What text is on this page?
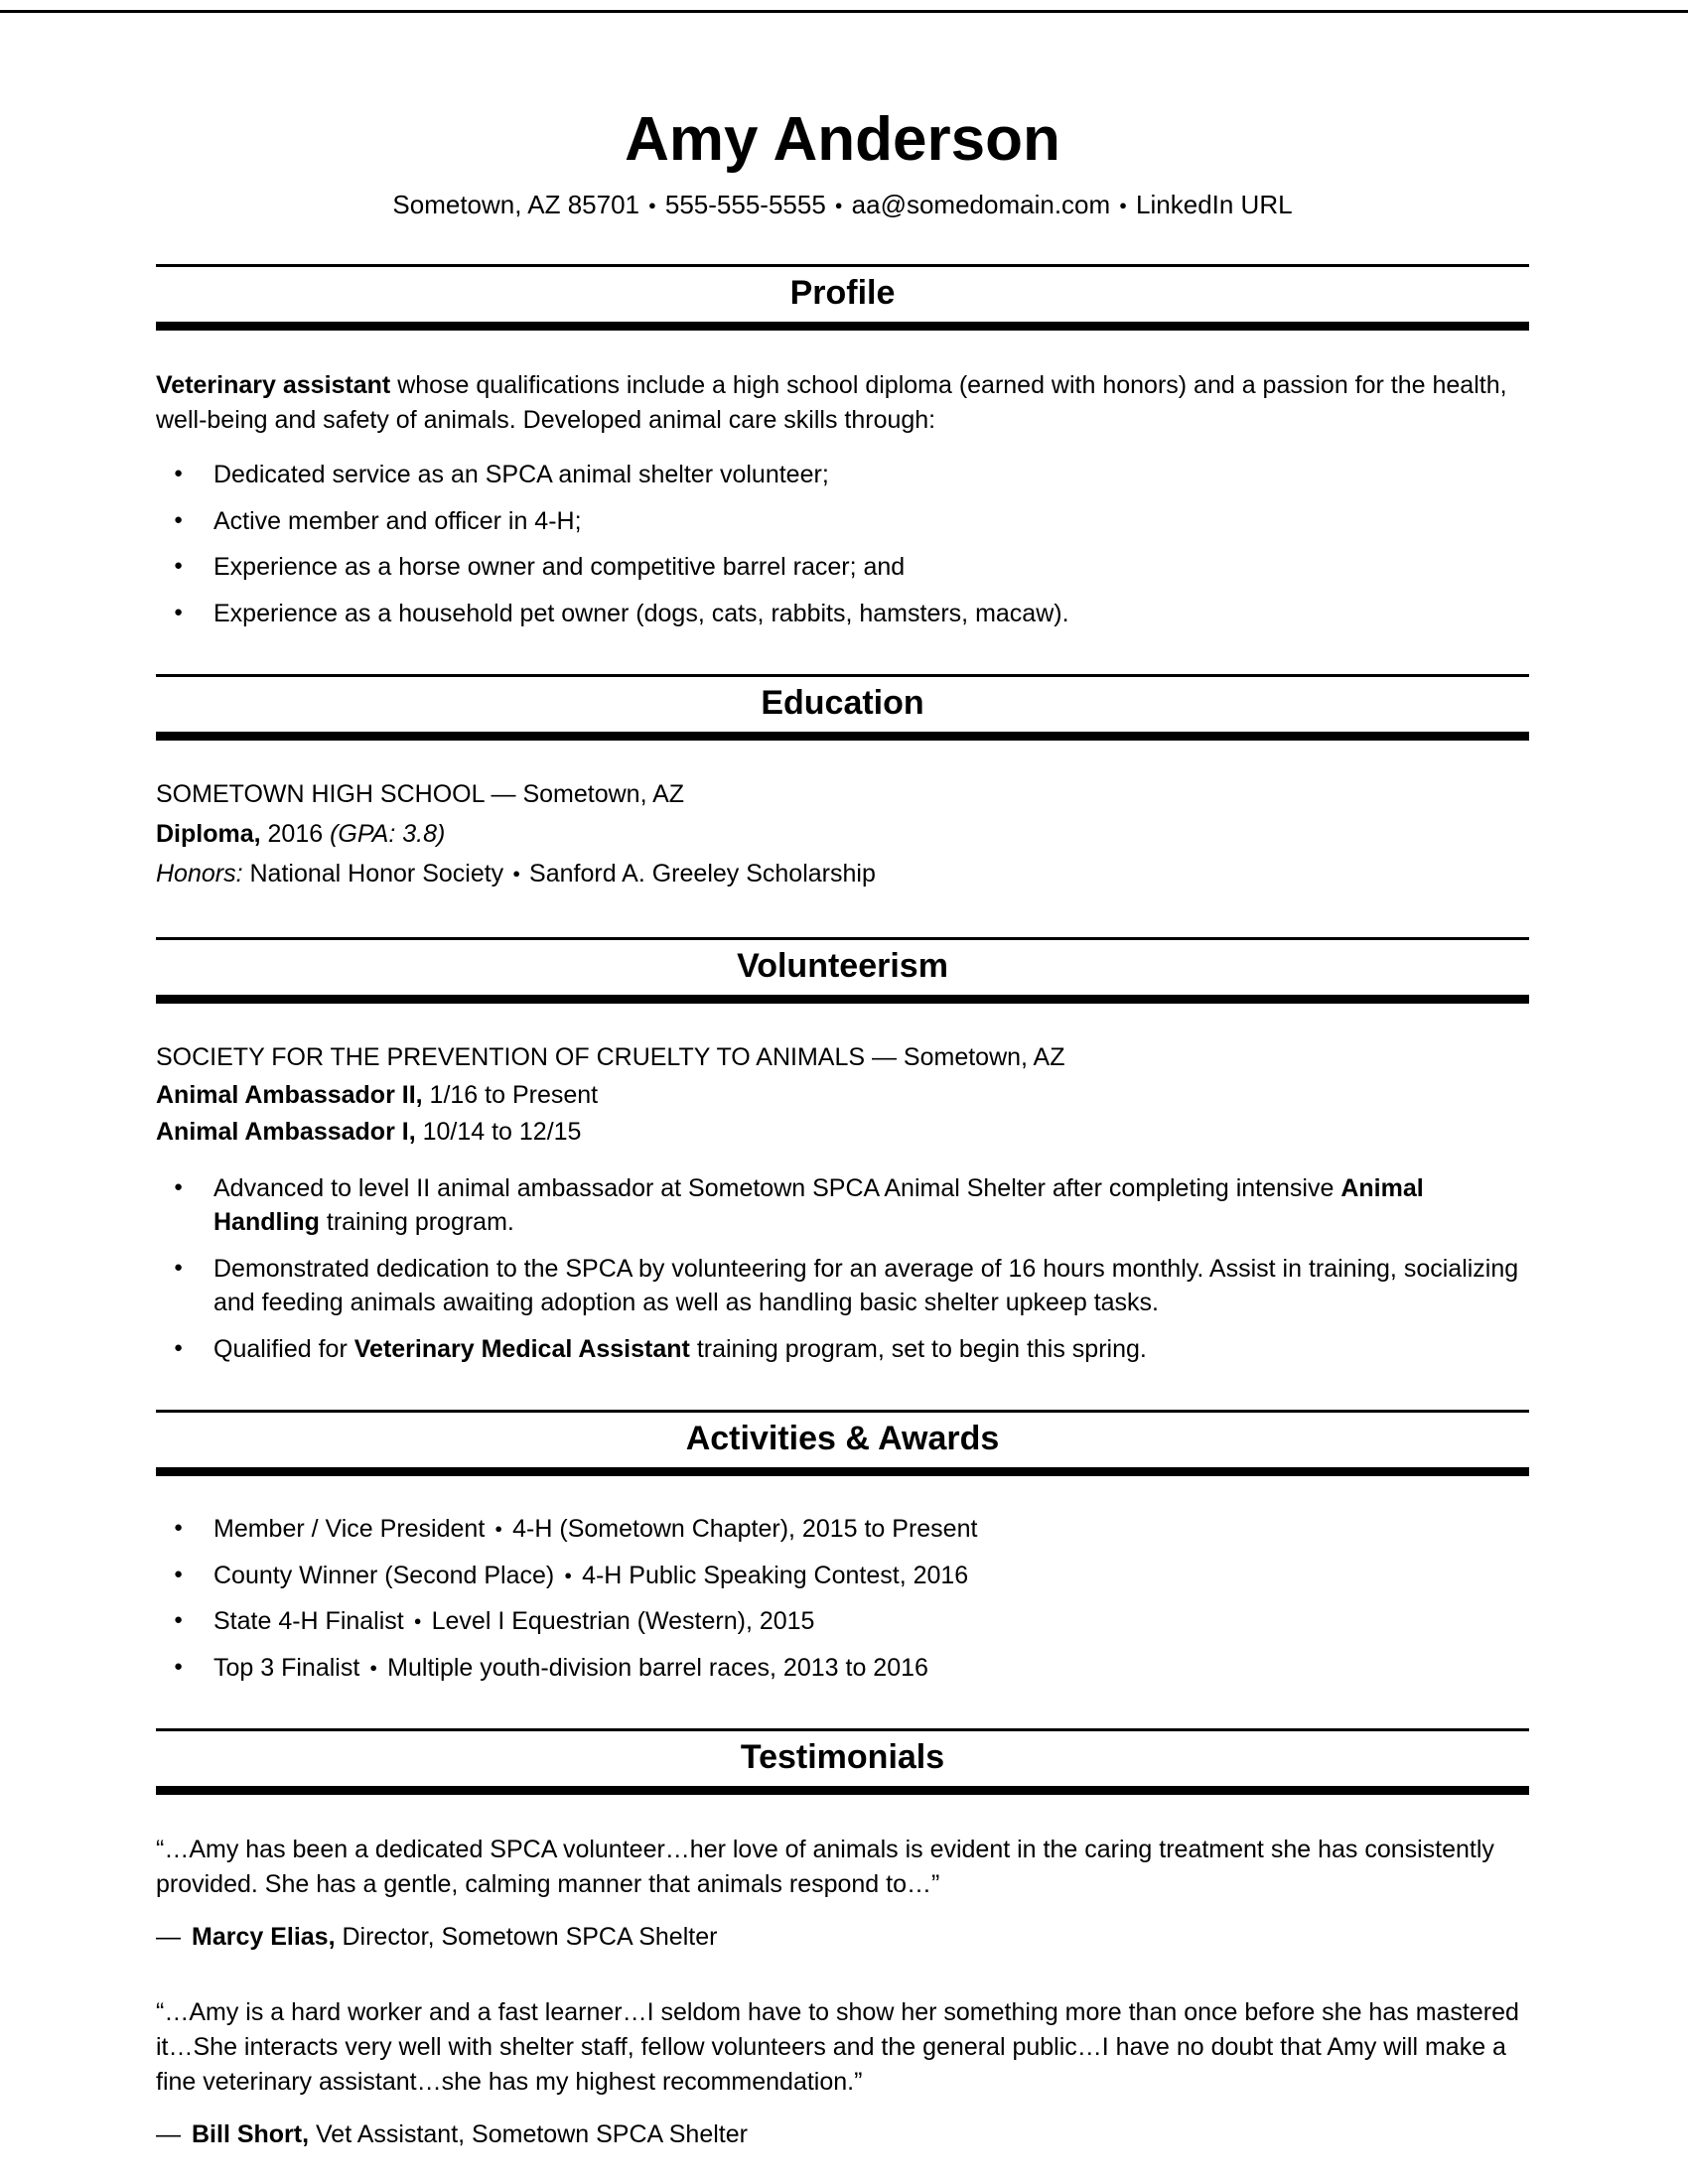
Amy Anderson

Sometown, AZ 85701 ● 555-555-5555 ● aa@somedomain.com ● LinkedIn URL

Profile

Veterinary assistant whose qualifications include a high school diploma (earned with honors) and a passion for the health, well-being and safety of animals. Developed animal care skills through:

● Dedicated service as an SPCA animal shelter volunteer;
● Active member and officer in 4-H;
● Experience as a horse owner and competitive barrel racer; and
● Experience as a household pet owner (dogs, cats, rabbits, hamsters, macaw).
Education

SOMETOWN HIGH SCHOOL — Sometown, AZ

Diploma, 2016 (GPA: 3.8)

Honors: National Honor Society ● Sanford A. Greeley Scholarship

Volunteerism

SOCIETY FOR THE PREVENTION OF CRUELTY TO ANIMALS — Sometown, AZ

Animal Ambassador II, 1/16 to Present

Animal Ambassador I, 10/14 to 12/15

● Advanced to level II animal ambassador at Sometown SPCA Animal Shelter after completing intensive Animal Handling training program.
● Demonstrated dedication to the SPCA by volunteering for an average of 16 hours monthly. Assist in training, socializing and feeding animals awaiting adoption as well as handling basic shelter upkeep tasks.
● Qualified for Veterinary Medical Assistant training program, set to begin this spring.
Activities & Awards
● Member / Vice President ● 4-H (Sometown Chapter), 2015 to Present
● County Winner (Second Place) ● 4-H Public Speaking Contest, 2016
● State 4-H Finalist ● Level I Equestrian (Western), 2015
● Top 3 Finalist ● Multiple youth-division barrel races, 2013 to 2016
Testimonials

“…Amy has been a dedicated SPCA volunteer…her love of animals is evident in the caring treatment she has consistently provided. She has a gentle, calming manner that animals respond to…”

— Marcy Elias, Director, Sometown SPCA Shelter

“…Amy is a hard worker and a fast learner…I seldom have to show her something more than once before she has mastered it…She interacts very well with shelter staff, fellow volunteers and the general public…I have no doubt that Amy will make a fine veterinary assistant…she has my highest recommendation.”

— Bill Short, Vet Assistant, Sometown SPCA Shelter
